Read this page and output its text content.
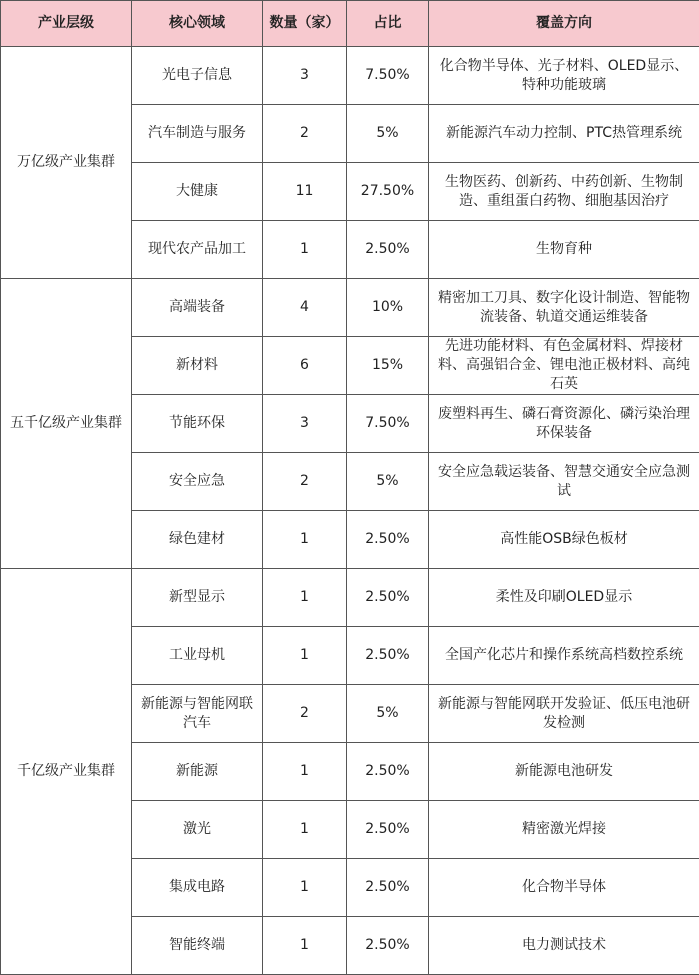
产业层级	核心领域	数量（家）	占比	覆盖方向
万亿级产业集群	光电子信息	3	7.50%	化合物半导体、光子材料、OLED显示、特种功能玻璃
	汽车制造与服务	2	5%	新能源汽车动力控制、PTC热管理系统
	大健康	11	27.50%	生物医药、创新药、中药创新、生物制造、重组蛋白药物、细胞基因治疗
	现代农产品加工	1	2.50%	生物育种
五千亿级产业集群	高端装备	4	10%	精密加工刀具、数字化设计制造、智能物流装备、轨道交通运维装备
	新材料	6	15%	先进功能材料、有色金属材料、焊接材料、高强铝合金、锂电池正极材料、高纯石英
	节能环保	3	7.50%	废塑料再生、磷石膏资源化、磷污染治理环保装备
	安全应急	2	5%	安全应急载运装备、智慧交通安全应急测试
	绿色建材	1	2.50%	高性能OSB绿色板材
千亿级产业集群	新型显示	1	2.50%	柔性及印刷OLED显示
	工业母机	1	2.50%	全国产化芯片和操作系统高档数控系统
	新能源与智能网联汽车	2	5%	新能源与智能网联开发验证、低压电池研发检测
	新能源	1	2.50%	新能源电池研发
	激光	1	2.50%	精密激光焊接
	集成电路	1	2.50%	化合物半导体
	智能终端	1	2.50%	电力测试技术
